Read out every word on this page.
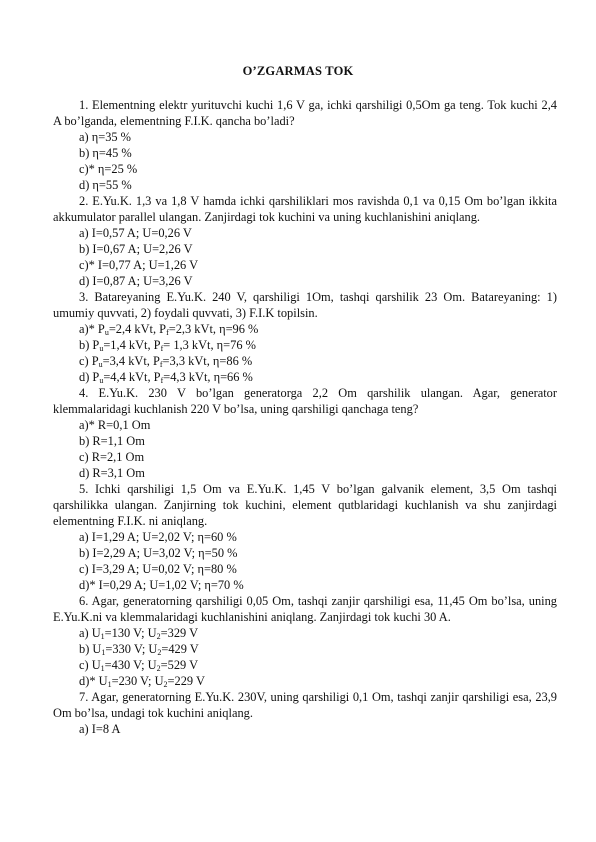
O’ZGARMAS TOK

1. Elementning elektr yurituvchi kuchi 1,6 V ga, ichki qarshiligi 0,5Om ga teng. Tok kuchi 2,4 A bo’lganda, elementning F.I.K. qancha bo’ladi?

a) η=35 %
b) η=45 %
c)* η=25 %
d) η=55 %

2. E.Yu.K. 1,3 va 1,8 V hamda ichki qarshiliklari mos ravishda 0,1 va 0,15 Om bo’lgan ikkita akkumulator parallel ulangan. Zanjirdagi tok kuchini va uning kuchlanishini aniqlang.

a) I=0,57 A; U=0,26 V
b) I=0,67 A; U=2,26 V
c)* I=0,77 A; U=1,26 V
d) I=0,87 A; U=3,26 V

3. Batareyaning E.Yu.K. 240 V, qarshiligi 1Om, tashqi qarshilik 23 Om. Batareyaning: 1) umumiy quvvati, 2) foydali quvvati, 3) F.I.K topilsin.

a)* $P_u=2,4$ kVt, $P_f=2,3$ kVt, η=96 %
b) $P_u=1,4$ kVt, $P_f= 1,3$ kVt, η=76 %
c) $P_u=3,4$ kVt, $P_f=3,3$ kVt, η=86 %
d) $P_u=4,4$ kVt, $P_f=4,3$ kVt, η=66 %

4. E.Yu.K. 230 V bo’lgan generatorga 2,2 Om qarshilik ulangan. Agar, generator klemmalaridagi kuchlanish 220 V bo’lsa, uning qarshiligi qanchaga teng?

a)* R=0,1 Om
b) R=1,1 Om
c) R=2,1 Om
d) R=3,1 Om

5. Ichki qarshiligi 1,5 Om va E.Yu.K. 1,45 V bo’lgan galvanik element, 3,5 Om tashqi qarshilikka ulangan. Zanjirning tok kuchini, element qutblaridagi kuchlanish va shu zanjirdagi elementning F.I.K. ni aniqlang.

a) I=1,29 A; U=2,02 V; η=60 %
b) I=2,29 A; U=3,02 V; η=50 %
c) I=3,29 A; U=0,02 V; η=80 %
d)* I=0,29 A; U=1,02 V; η=70 %

6. Agar, generatorning qarshiligi 0,05 Om, tashqi zanjir qarshiligi esa, 11,45 Om bo’lsa, uning E.Yu.K.ni va klemmalaridagi kuchlanishini aniqlang. Zanjirdagi tok kuchi 30 A.

a) $U_1=130$ V; $U_2=329$ V
b) $U_1=330$ V; $U_2=429$ V
c) $U_1=430$ V; $U_2=529$ V
d)* $U_1=230$ V; $U_2=229$ V

7. Agar, generatorning E.Yu.K. 230V, uning qarshiligi 0,1 Om, tashqi zanjir qarshiligi esa, 23,9 Om bo’lsa, undagi tok kuchini aniqlang.

a) I=8 A
